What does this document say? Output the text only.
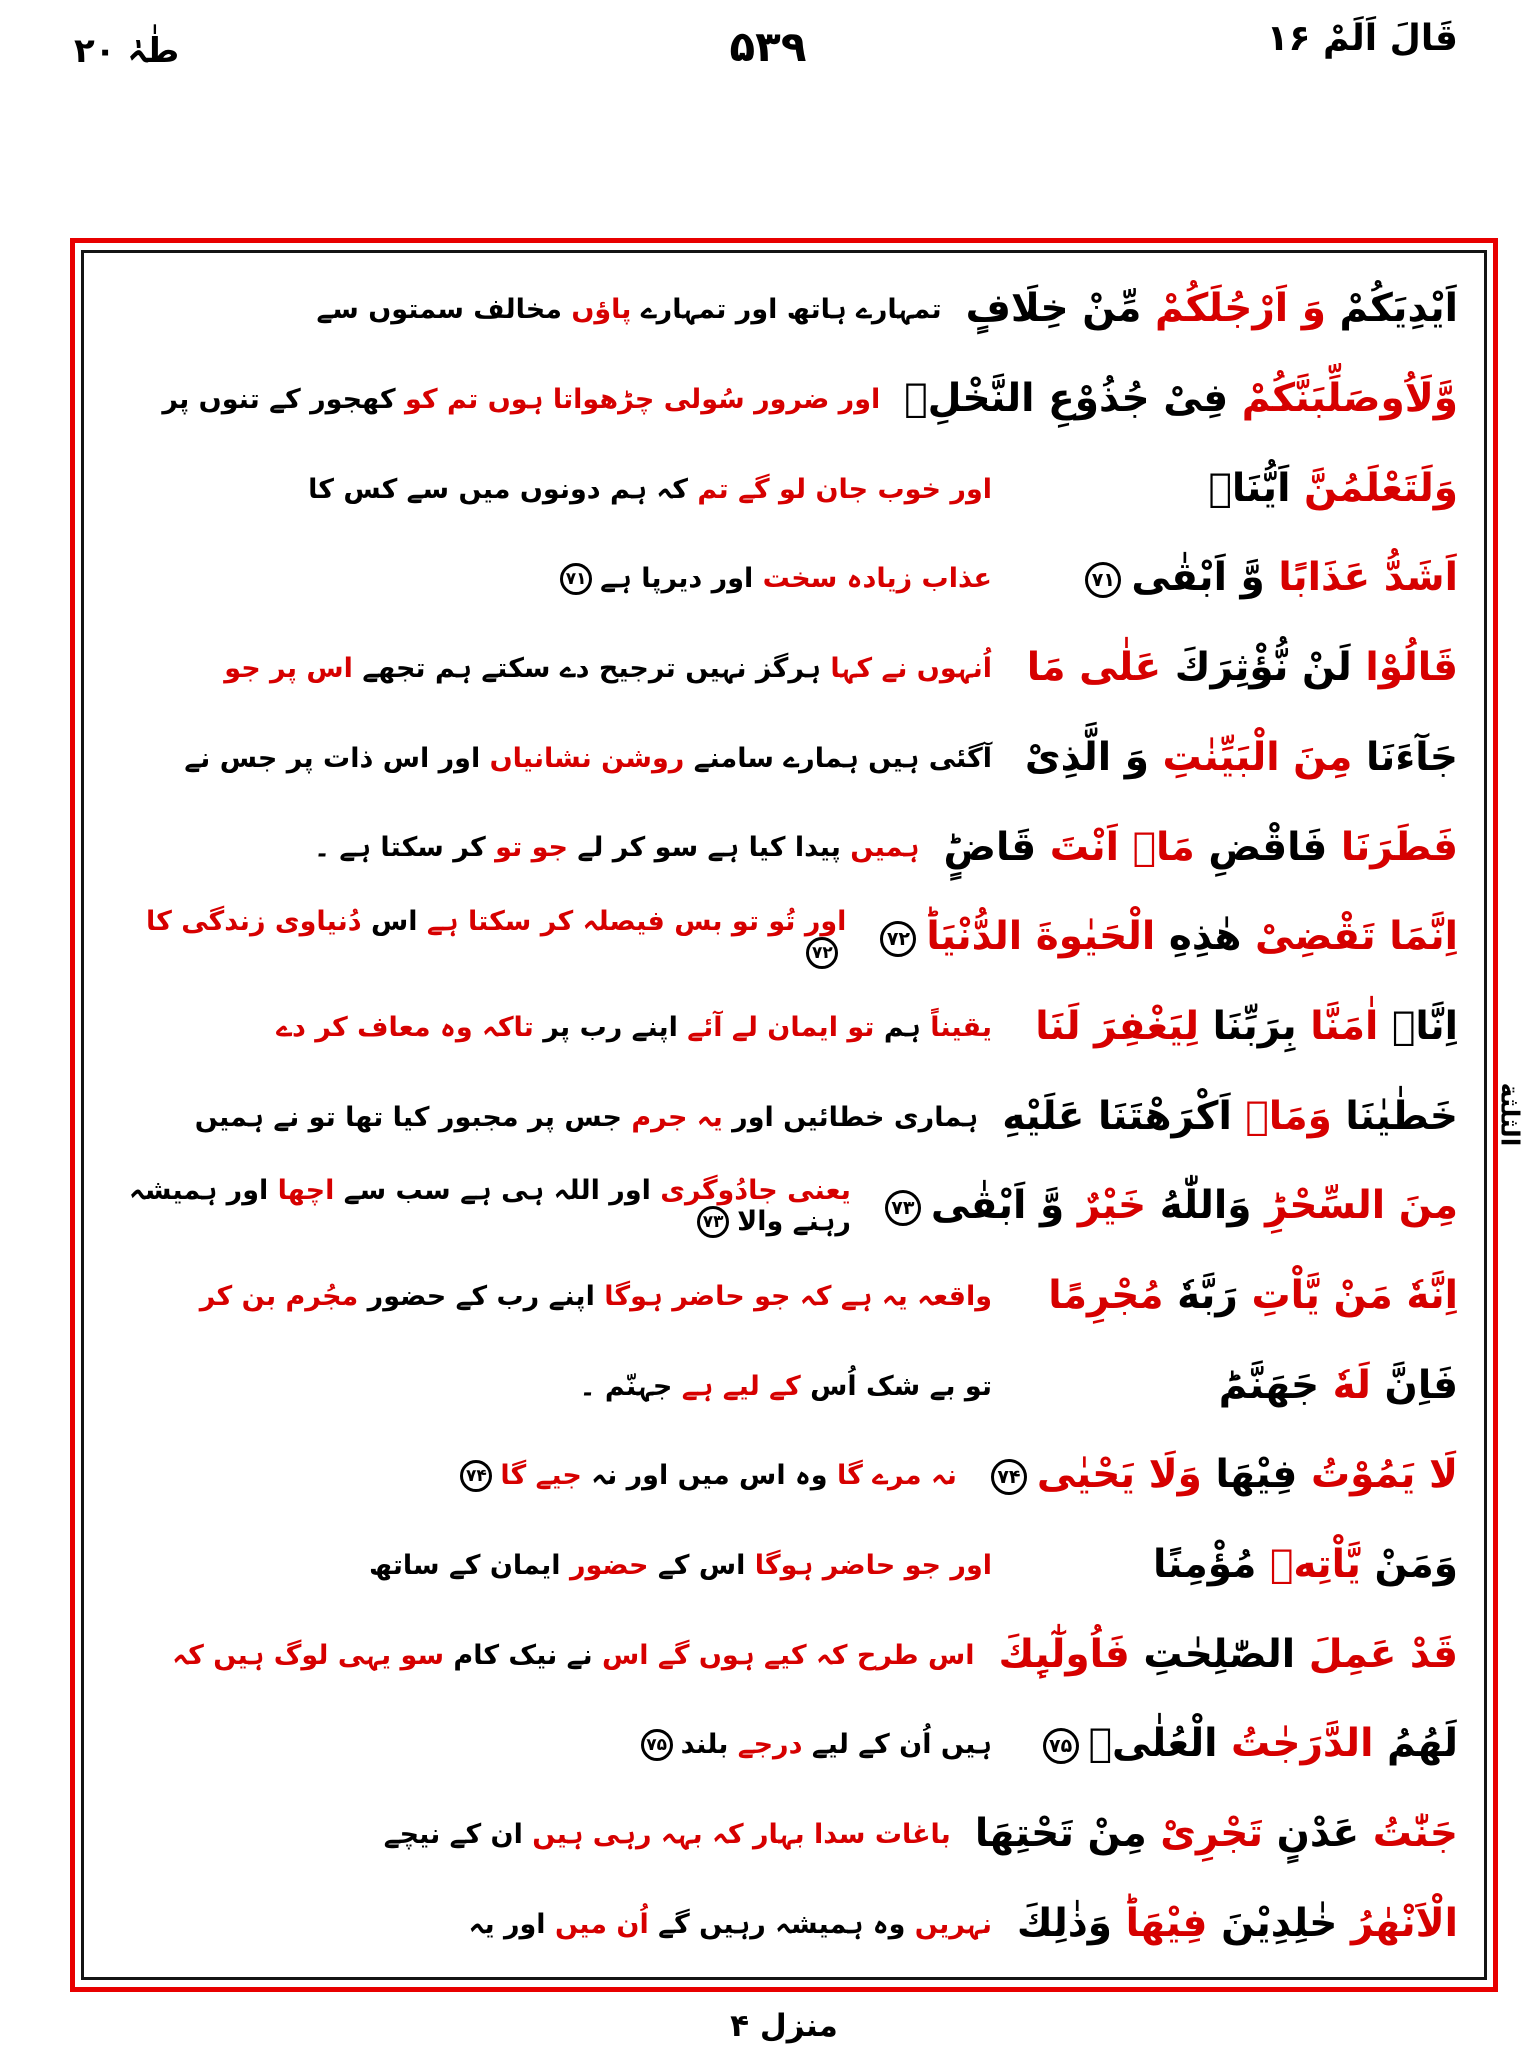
طٰہٰ ۲۰	۵۳۹	قَالَ اَلَمْ ۱۶
اَیْدِیَكُمْ وَ اَرْجُلَكُمْ مِّنْ خِلَافٍ
تمہارے ہاتھ اور تمہارے پاؤں مخالف سمتوں سے
وَّلَاُوصَلِّبَنَّكُمْ فِیْ جُذُوْعِ النَّخْلِۙ
اور ضرور سُولی چڑھواتا ہوں تم کو کھجور کے تنوں پر
وَلَتَعْلَمُنَّ اَیُّنَاۤ
اور خوب جان لو گے تم کہ ہم دونوں میں سے کس کا
اَشَدُّ عَذَابًا وَّ اَبْقٰی۷۱
عذاب زیادہ سخت اور دیرپا ہے۷۱
قَالُوْا لَنْ نُّؤْثِرَكَ عَلٰی مَا
اُنہوں نے کہا ہرگز نہیں ترجیح دے سکتے ہم تجھے اس پر جو
جَآءَنَا مِنَ الْبَیِّنٰتِ وَ الَّذِیْ
آگئی ہیں ہمارے سامنے روشن نشانیاں اور اس ذات پر جس نے
فَطَرَنَا فَاقْضِ مَاۤ اَنْتَ قَاضٍؕ
ہمیں پیدا کیا ہے سو کر لے جو تو کر سکتا ہے ۔
اِنَّمَا تَقْضِیْ هٰذِهِ الْحَیٰوةَ الدُّنْیَاؕ۷۲
اور تُو تو بس فیصلہ کر سکتا ہے اس دُنیاوی زندگی کا۷۲
اِنَّاۤ اٰمَنَّا بِرَبِّنَا لِیَغْفِرَ لَنَا
یقیناً ہم تو ایمان لے آئے اپنے رب پر تاکہ وہ معاف کر دے
خَطٰیٰنَا وَمَاۤ اَكْرَهْتَنَا عَلَیْهِ
ہماری خطائیں اور یہ جرم جس پر مجبور کیا تھا تو نے ہمیں
مِنَ السِّحْرِؕ وَاللّٰهُ خَیْرٌ وَّ اَبْقٰی۷۳
یعنی جادُوگری اور اللہ ہی ہے سب سے اچھا اور ہمیشہ رہنے والا۷۳
اِنَّهٗ مَنْ یَّاْتِ رَبَّهٗ مُجْرِمًا
واقعہ یہ ہے کہ جو حاضر ہوگا اپنے رب کے حضور مجُرم بن کر
فَاِنَّ لَهٗ جَهَنَّمَؕ
تو بے شک اُس کے لیے ہے جہنّم ۔
لَا یَمُوْتُ فِیْهَا وَلَا یَحْیٰی۷۴
نہ مرے گا وہ اس میں اور نہ جیے گا۷۴
وَمَنْ یَّاْتِهٖ مُؤْمِنًا
اور جو حاضر ہوگا اس کے حضور ایمان کے ساتھ
قَدْ عَمِلَ الصّٰلِحٰتِ فَاُولٰٓىِٕكَ
اس طرح کہ کیے ہوں گے اس نے نیک کام سو یہی لوگ ہیں کہ
لَهُمُ الدَّرَجٰتُ الْعُلٰیۙ۷۵
ہیں اُن کے لیے درجے بلند۷۵
جَنّٰتُ عَدْنٍ تَجْرِیْ مِنْ تَحْتِهَا
باغات سدا بہار کہ بہہ رہی ہیں ان کے نیچے
الْاَنْهٰرُ خٰلِدِیْنَ فِیْهَاؕ وَذٰلِكَ
نہریں وہ ہمیشہ رہیں گے اُن میں اور یہ
الثلثة
منزل ۴
